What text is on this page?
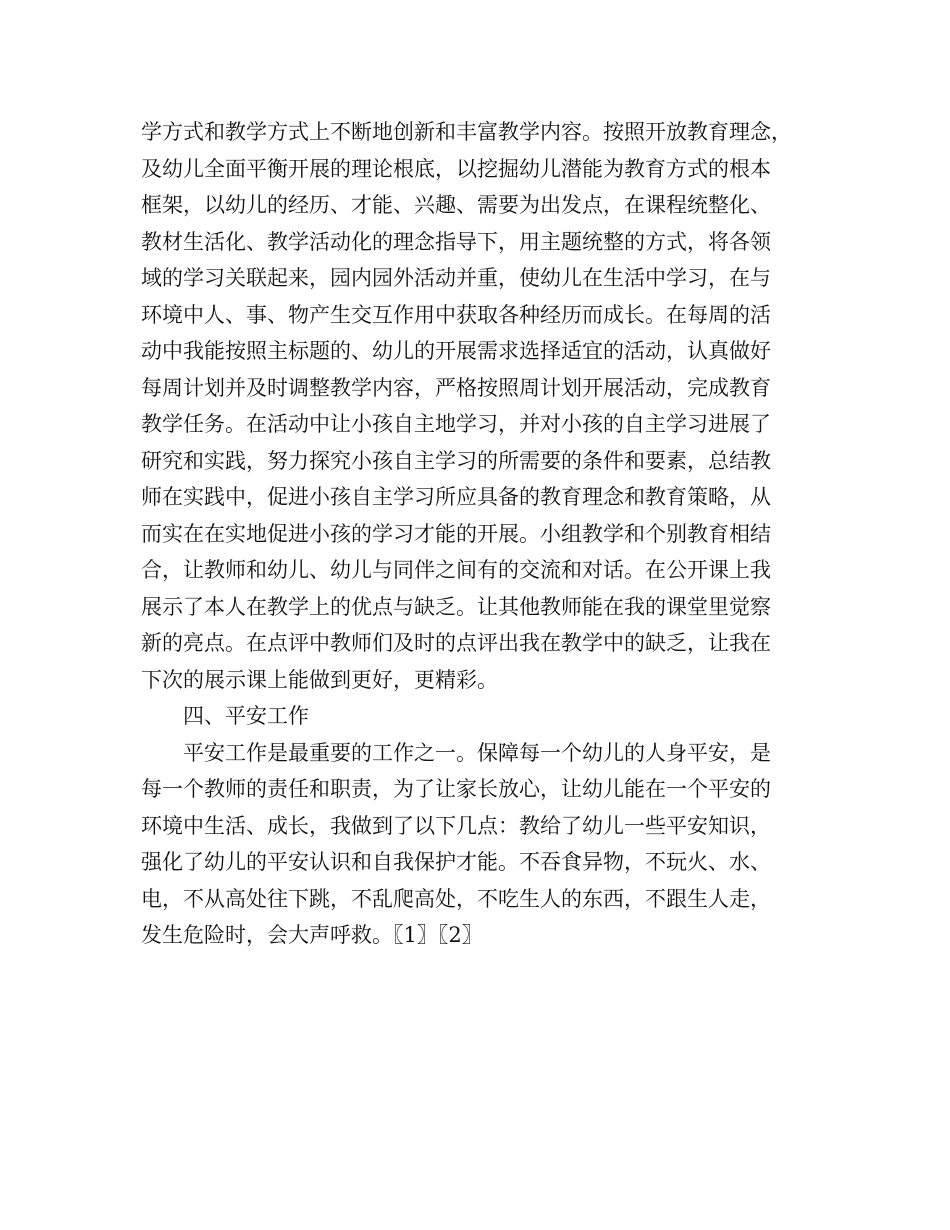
学方式和教学方式上不断地创新和丰富教学内容。按照开放教育理念，
及幼儿全面平衡开展的理论根底，以挖掘幼儿潜能为教育方式的根本
框架，以幼儿的经历、才能、兴趣、需要为出发点，在课程统整化、
教材生活化、教学活动化的理念指导下，用主题统整的方式，将各领
域的学习关联起来，园内园外活动并重，使幼儿在生活中学习，在与
环境中人、事、物产生交互作用中获取各种经历而成长。在每周的活
动中我能按照主标题的、幼儿的开展需求选择适宜的活动，认真做好
每周计划并及时调整教学内容，严格按照周计划开展活动，完成教育
教学任务。在活动中让小孩自主地学习，并对小孩的自主学习进展了
研究和实践，努力探究小孩自主学习的所需要的条件和要素，总结教
师在实践中，促进小孩自主学习所应具备的教育理念和教育策略，从
而实在在实地促进小孩的学习才能的开展。小组教学和个别教育相结
合，让教师和幼儿、幼儿与同伴之间有的交流和对话。在公开课上我
展示了本人在教学上的优点与缺乏。让其他教师能在我的课堂里觉察
新的亮点。在点评中教师们及时的点评出我在教学中的缺乏，让我在
下次的展示课上能做到更好，更精彩。
四、平安工作
平安工作是最重要的工作之一。保障每一个幼儿的人身平安，是
每一个教师的责任和职责，为了让家长放心，让幼儿能在一个平安的
环境中生活、成长，我做到了以下几点：教给了幼儿一些平安知识，
强化了幼儿的平安认识和自我保护才能。不吞食异物，不玩火、水、
电，不从高处往下跳，不乱爬高处，不吃生人的东西，不跟生人走，
发生危险时，会大声呼救。〖1〗〖2〗
